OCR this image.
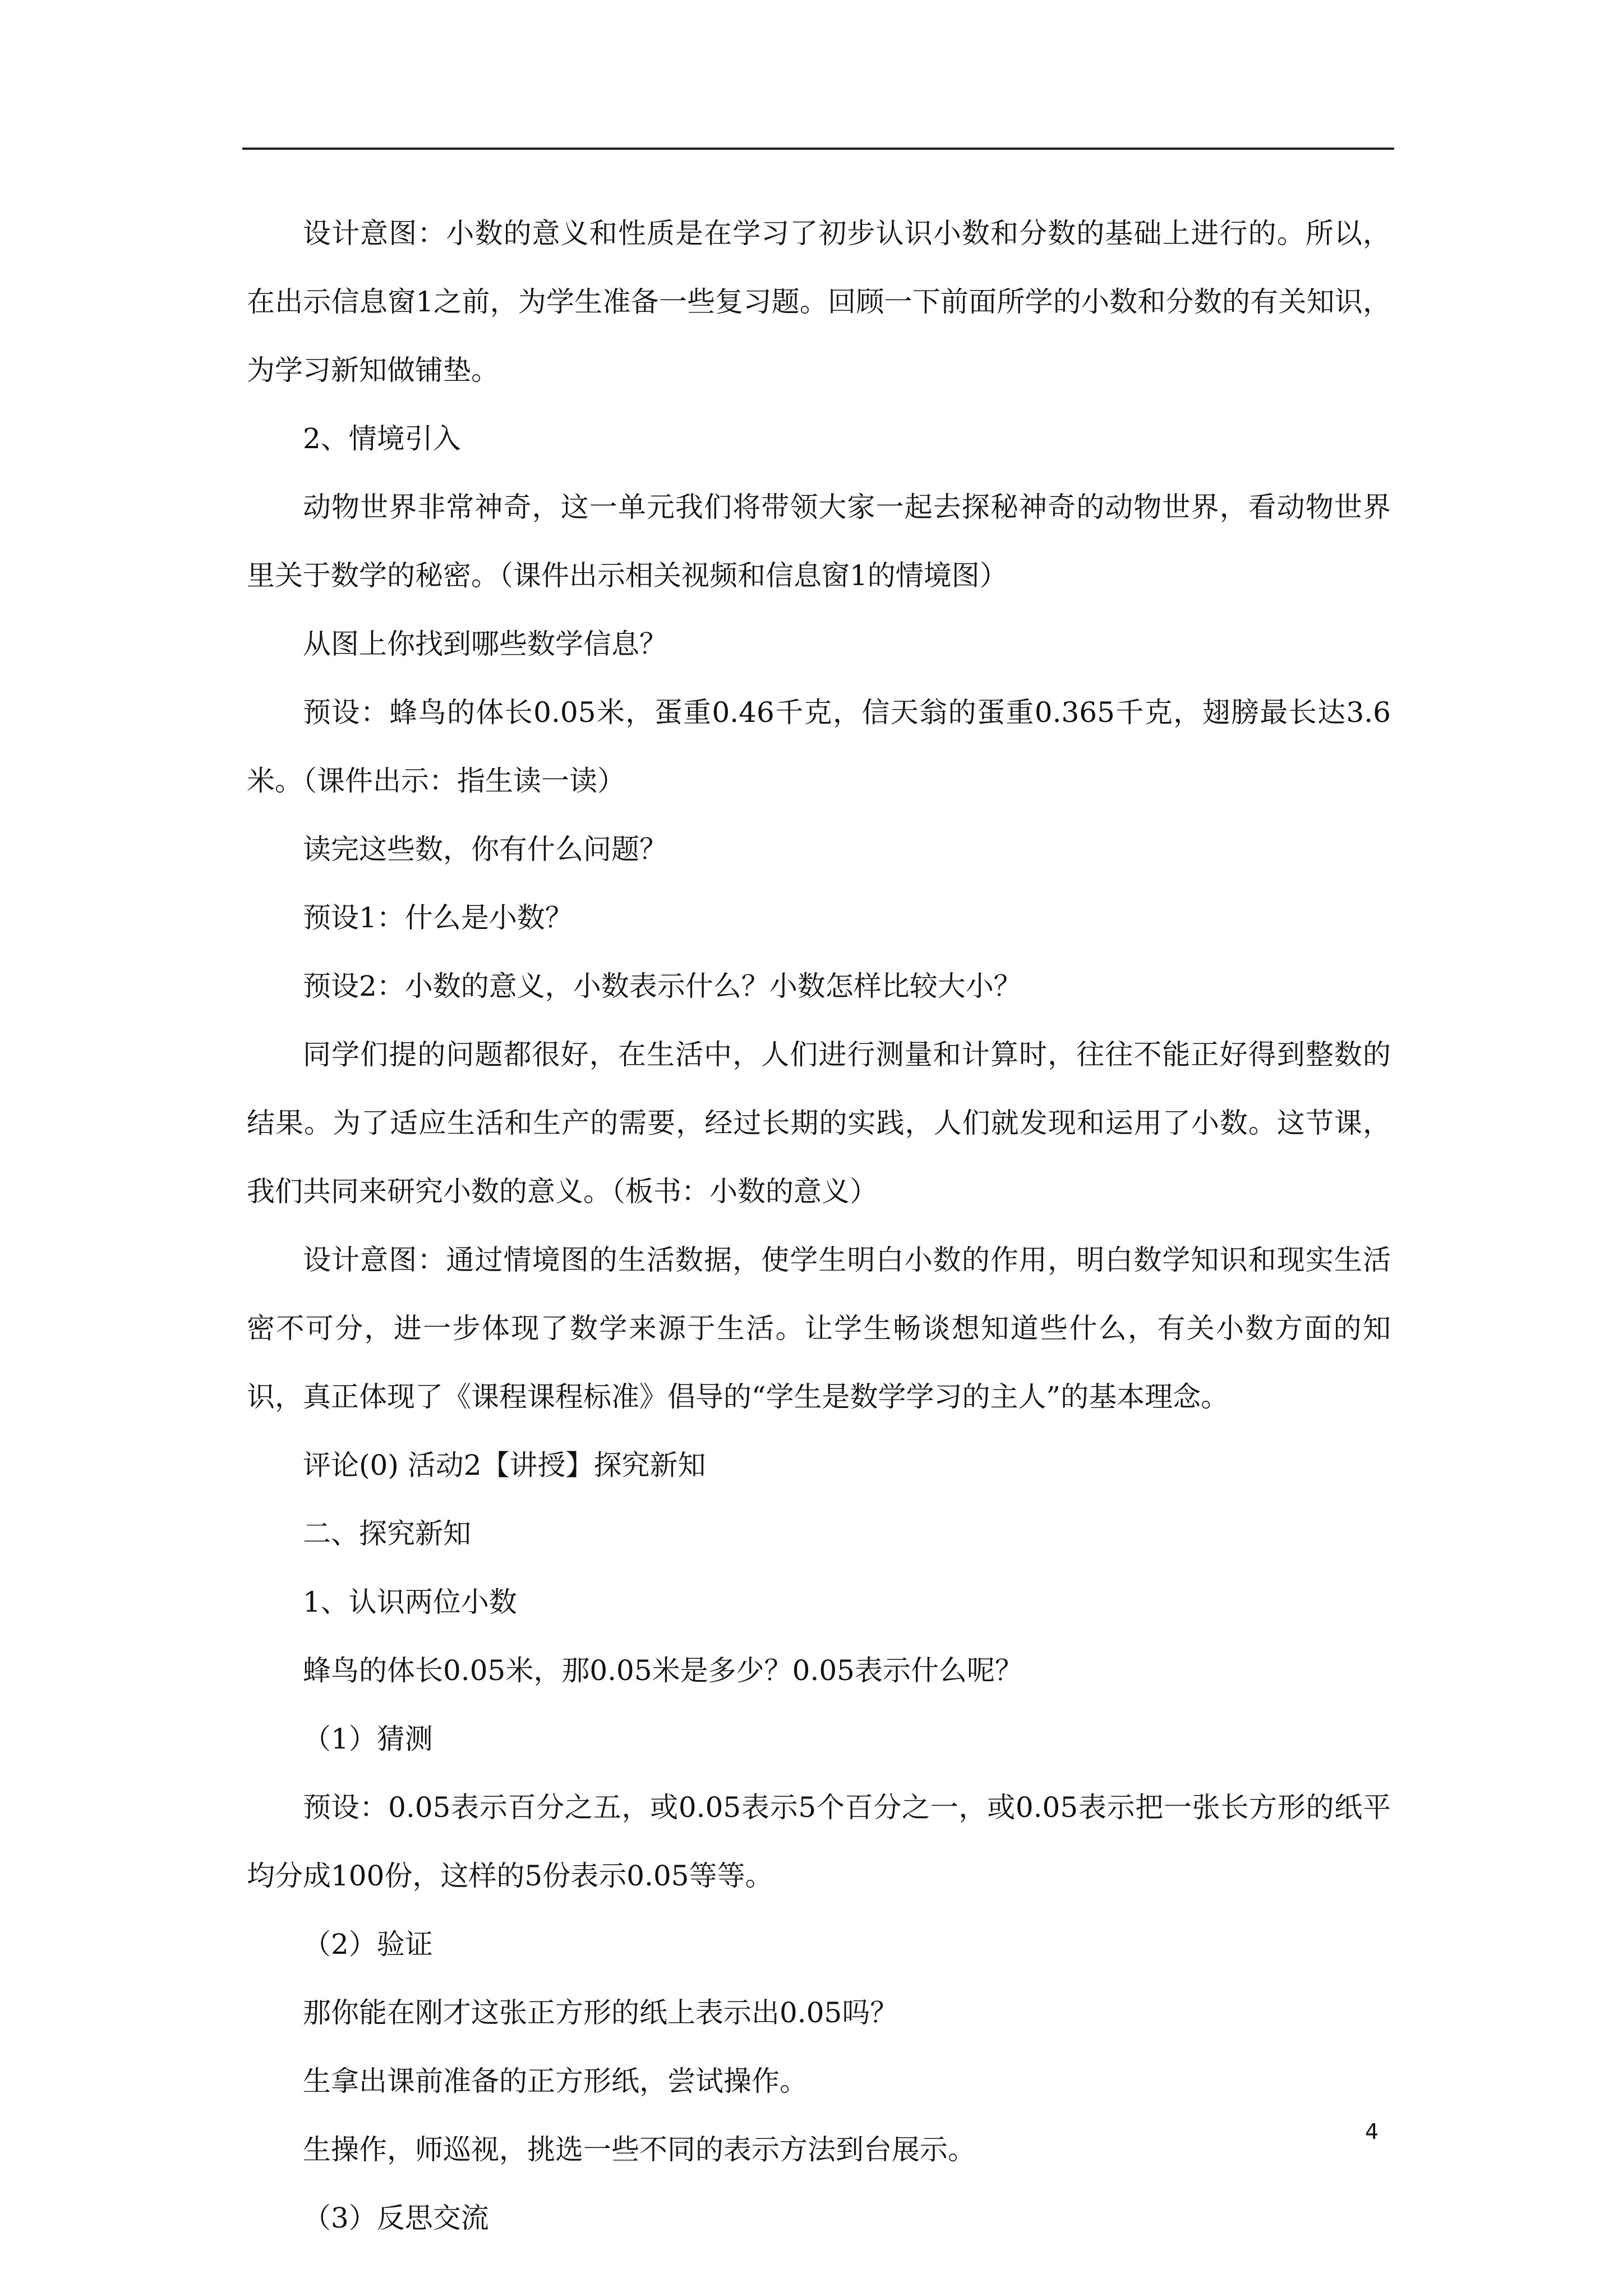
设计意图：小数的意义和性质是在学习了初步认识小数和分数的基础上进行的。所以，在出示信息窗1之前，为学生准备一些复习题。回顾一下前面所学的小数和分数的有关知识，为学习新知做铺垫。

2、情境引入

动物世界非常神奇，这一单元我们将带领大家一起去探秘神奇的动物世界，看动物世界里关于数学的秘密。（课件出示相关视频和信息窗1的情境图）

从图上你找到哪些数学信息？

预设：蜂鸟的体长0.05米，蛋重0.46千克，信天翁的蛋重0.365千克，翅膀最长达3.6米。（课件出示：指生读一读）

读完这些数，你有什么问题？

预设1：什么是小数？

预设2：小数的意义，小数表示什么？小数怎样比较大小？

同学们提的问题都很好，在生活中，人们进行测量和计算时，往往不能正好得到整数的结果。为了适应生活和生产的需要，经过长期的实践，人们就发现和运用了小数。这节课，我们共同来研究小数的意义。（板书：小数的意义）

设计意图：通过情境图的生活数据，使学生明白小数的作用，明白数学知识和现实生活密不可分，进一步体现了数学来源于生活。让学生畅谈想知道些什么，有关小数方面的知识，真正体现了《课程课程标准》倡导的“学生是数学学习的主人”的基本理念。

评论(0) 活动2【讲授】探究新知

二、探究新知

1、认识两位小数

蜂鸟的体长0.05米，那0.05米是多少？0.05表示什么呢？

（1）猜测

预设：0.05表示百分之五，或0.05表示5个百分之一，或0.05表示把一张长方形的纸平均分成100份，这样的5份表示0.05等等。

（2）验证

那你能在刚才这张正方形的纸上表示出0.05吗？

生拿出课前准备的正方形纸，尝试操作。

生操作，师巡视，挑选一些不同的表示方法到台展示。

（3）反思交流

4
